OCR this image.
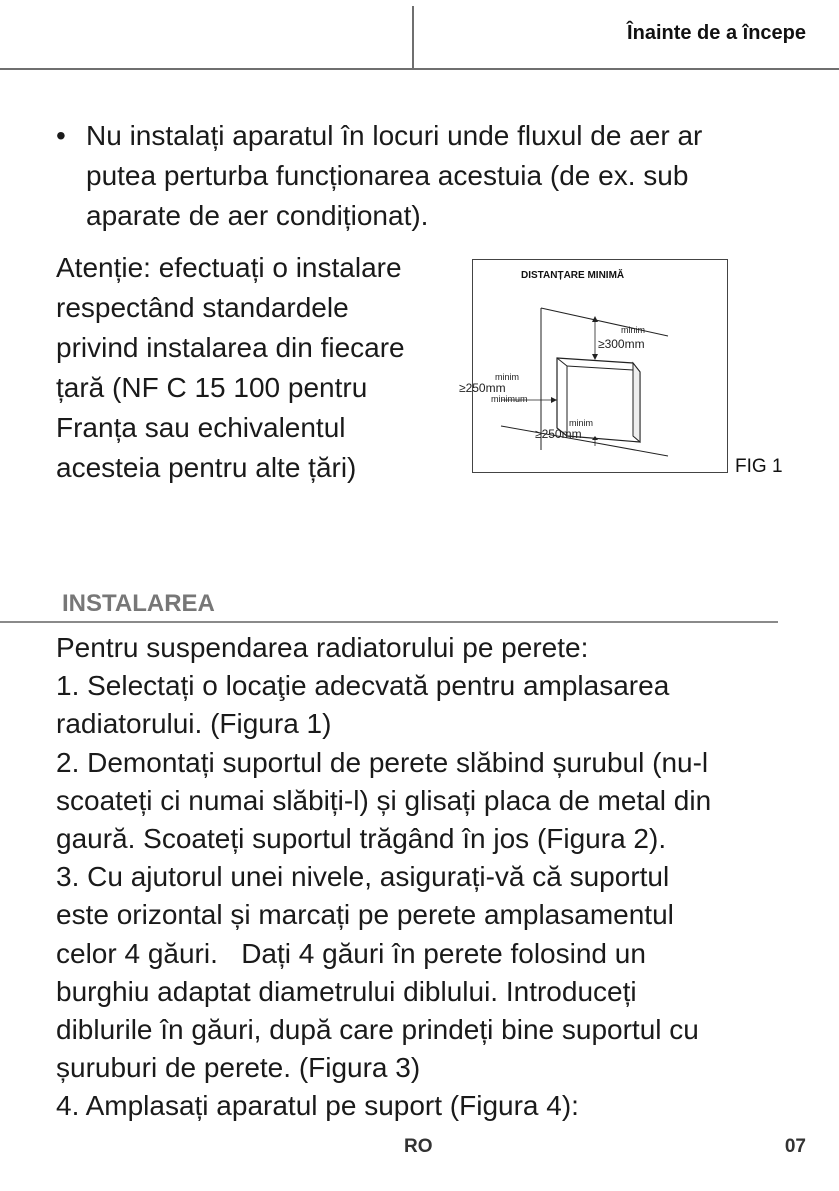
Înainte de a începe
• Nu instalați aparatul în locuri unde fluxul de aer ar
putea perturba funcționarea acestuia (de ex. sub
aparate de aer condiționat).
Atenție: efectuați o instalare
respectând standardele
privind instalarea din fiecare
țară (NF C 15 100 pentru
Franța sau echivalentul
acesteia pentru alte țări)
DISTANȚARE MINIMĂ
minim
≥300mm
minim
≥250mm
minimum
minim
≥250mm
FIG 1
INSTALAREA
Pentru suspendarea radiatorului pe perete:
1. Selectați o locaţie adecvată pentru amplasarea
radiatorului. (Figura 1)
2. Demontați suportul de perete slăbind șurubul (nu-l
scoateți ci numai slăbiți-l) și glisați placa de metal din
gaură. Scoateți suportul trăgând în jos (Figura 2).
3. Cu ajutorul unei nivele, asigurați-vă că suportul
este orizontal și marcați pe perete amplasamentul
celor 4 găuri.   Dați 4 găuri în perete folosind un
burghiu adaptat diametrului diblului. Introduceți
diblurile în găuri, după care prindeți bine suportul cu
șuruburi de perete. (Figura 3)
4. Amplasați aparatul pe suport (Figura 4):
RO	07
